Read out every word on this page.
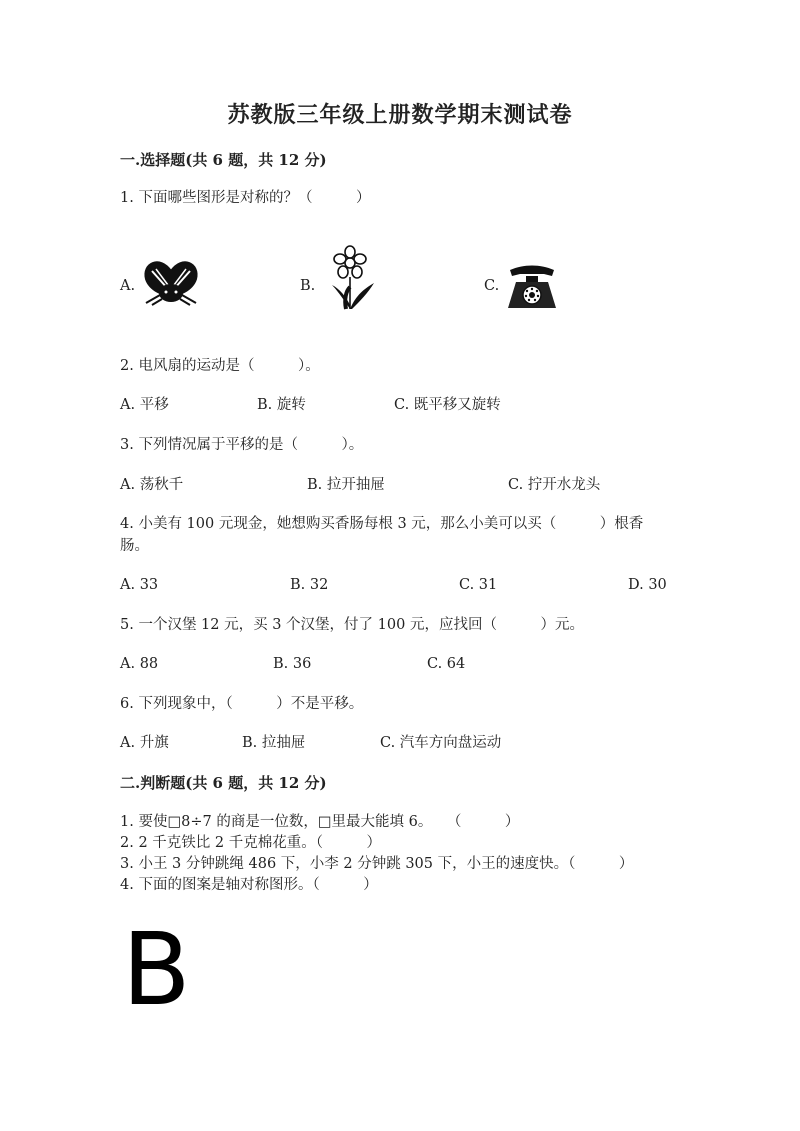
苏教版三年级上册数学期末测试卷
一.选择题(共 6 题，共 12 分)
1. 下面哪些图形是对称的？（　　　）
A.	B.	C.
2. 电风扇的运动是（　　　）。
A. 平移	B. 旋转	C. 既平移又旋转
3. 下列情况属于平移的是（　　　）。
A. 荡秋千	B. 拉开抽屉	C. 拧开水龙头
4. 小美有 100 元现金，她想购买香肠每根 3 元，那么小美可以买（　　　）根香
肠。
A. 33	B. 32	C. 31	D. 30
5. 一个汉堡 12 元，买 3 个汉堡，付了 100 元，应找回（　　　）元。
A. 88	B. 36	C. 64
6. 下列现象中，（　　　）不是平移。
A. 升旗	B. 拉抽屉	C. 汽车方向盘运动
二.判断题(共 6 题，共 12 分)
1. 要使□8÷7 的商是一位数，□里最大能填 6。　　（　　　）
2. 2 千克铁比 2 千克棉花重。（　　　）
3. 小王 3 分钟跳绳 486 下，小李 2 分钟跳 305 下，小王的速度快。（　　　）
4. 下面的图案是轴对称图形。（　　　）
B
